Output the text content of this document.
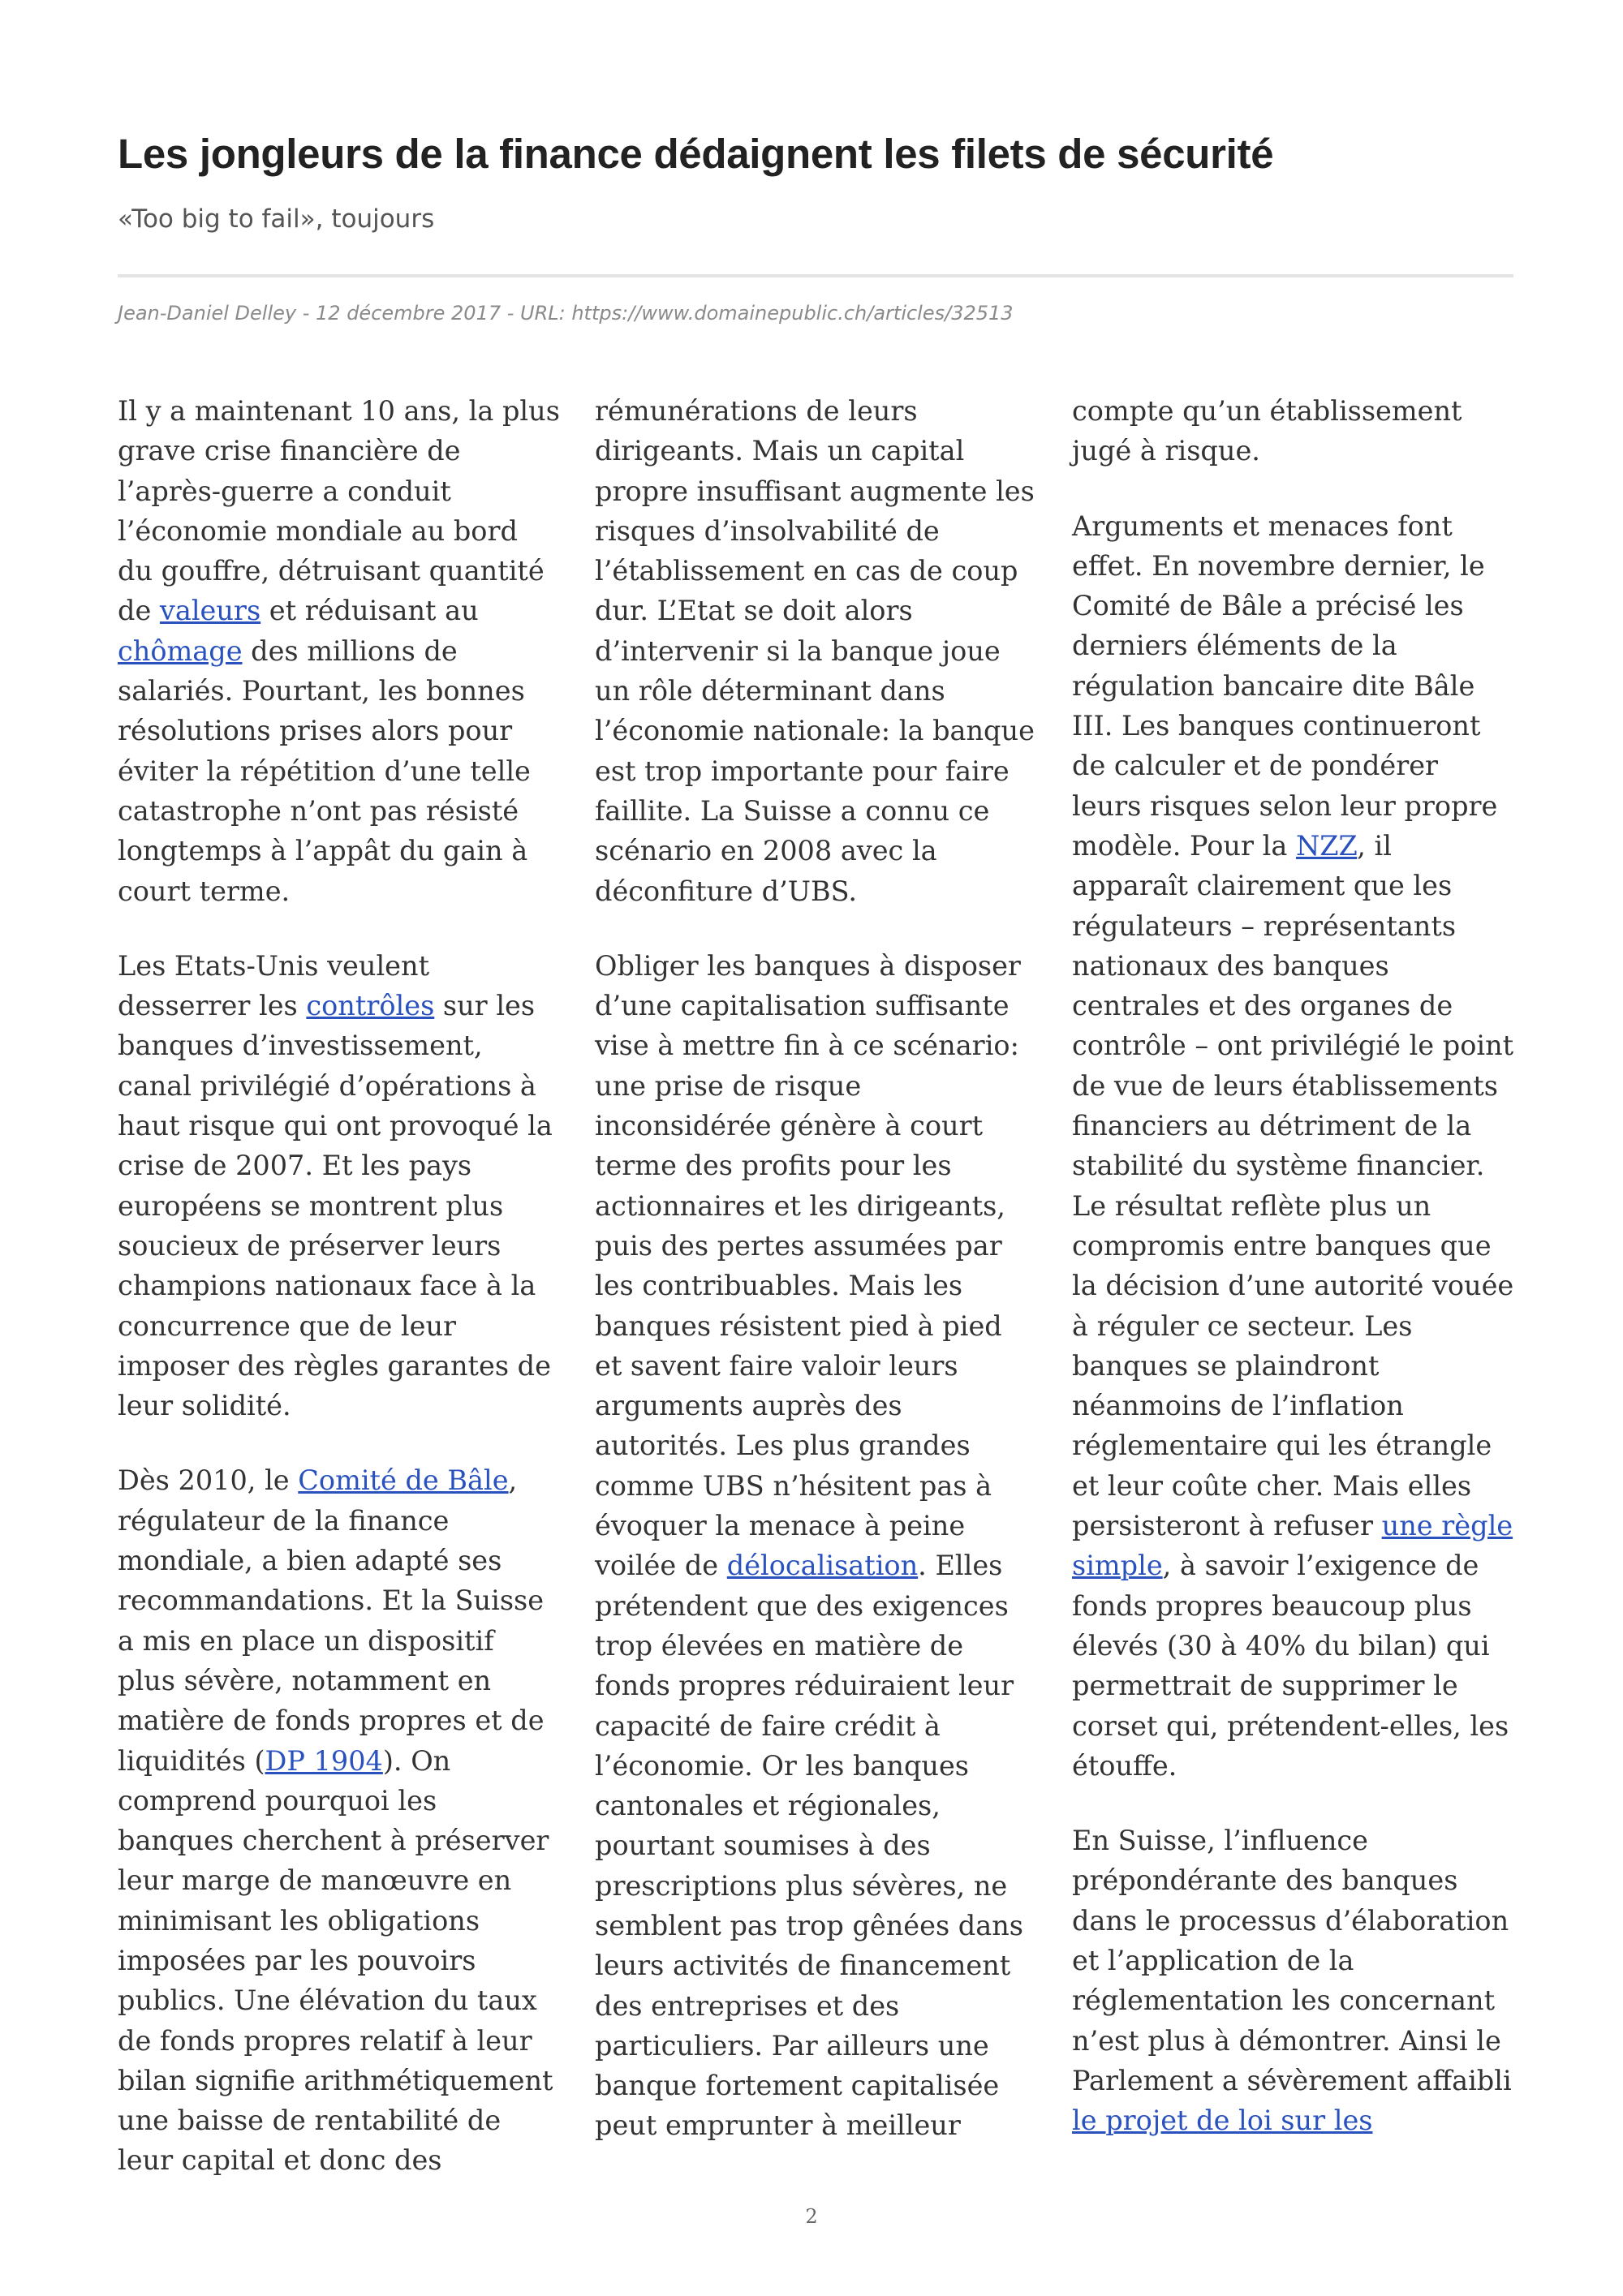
Les jongleurs de la finance dédaignent les filets de sécurité

«Too big to fail», toujours

Jean-Daniel Delley - 12 décembre 2017 - URL: https://www.domainepublic.ch/articles/32513

Il y a maintenant 10 ans, la plus grave crise financière de l’après-guerre a conduit l’économie mondiale au bord du gouffre, détruisant quantité de valeurs et réduisant au chômage des millions de salariés. Pourtant, les bonnes résolutions prises alors pour éviter la répétition d’une telle catastrophe n’ont pas résisté longtemps à l’appât du gain à court terme.

Les Etats-Unis veulent desserrer les contrôles sur les banques d’investissement, canal privilégié d’opérations à haut risque qui ont provoqué la crise de 2007. Et les pays européens se montrent plus soucieux de préserver leurs champions nationaux face à la concurrence que de leur imposer des règles garantes de leur solidité.

Dès 2010, le Comité de Bâle, régulateur de la finance mondiale, a bien adapté ses recommandations. Et la Suisse a mis en place un dispositif plus sévère, notamment en matière de fonds propres et de liquidités (DP 1904). On comprend pourquoi les banques cherchent à préserver leur marge de manœuvre en minimisant les obligations imposées par les pouvoirs publics. Une élévation du taux de fonds propres relatif à leur bilan signifie arithmétiquement une baisse de rentabilité de leur capital et donc des

rémunérations de leurs dirigeants. Mais un capital propre insuffisant augmente les risques d’insolvabilité de l’établissement en cas de coup dur. L’Etat se doit alors d’intervenir si la banque joue un rôle déterminant dans l’économie nationale: la banque est trop importante pour faire faillite. La Suisse a connu ce scénario en 2008 avec la déconfiture d’UBS.

Obliger les banques à disposer d’une capitalisation suffisante vise à mettre fin à ce scénario: une prise de risque inconsidérée génère à court terme des profits pour les actionnaires et les dirigeants, puis des pertes assumées par les contribuables. Mais les banques résistent pied à pied et savent faire valoir leurs arguments auprès des autorités. Les plus grandes comme UBS n’hésitent pas à évoquer la menace à peine voilée de délocalisation. Elles prétendent que des exigences trop élevées en matière de fonds propres réduiraient leur capacité de faire crédit à l’économie. Or les banques cantonales et régionales, pourtant soumises à des prescriptions plus sévères, ne semblent pas trop gênées dans leurs activités de financement des entreprises et des particuliers. Par ailleurs une banque fortement capitalisée peut emprunter à meilleur

compte qu’un établissement jugé à risque.

Arguments et menaces font effet. En novembre dernier, le Comité de Bâle a précisé les derniers éléments de la régulation bancaire dite Bâle III. Les banques continueront de calculer et de pondérer leurs risques selon leur propre modèle. Pour la NZZ, il apparaît clairement que les régulateurs – représentants nationaux des banques centrales et des organes de contrôle – ont privilégié le point de vue de leurs établissements financiers au détriment de la stabilité du système financier. Le résultat reflète plus un compromis entre banques que la décision d’une autorité vouée à réguler ce secteur. Les banques se plaindront néanmoins de l’inflation réglementaire qui les étrangle et leur coûte cher. Mais elles persisteront à refuser une règle simple, à savoir l’exigence de fonds propres beaucoup plus élevés (30 à 40% du bilan) qui permettrait de supprimer le corset qui, prétendent-elles, les étouffe.

En Suisse, l’influence prépondérante des banques dans le processus d’élaboration et l’application de la réglementation les concernant n’est plus à démontrer. Ainsi le Parlement a sévèrement affaibli le projet de loi sur les

2
